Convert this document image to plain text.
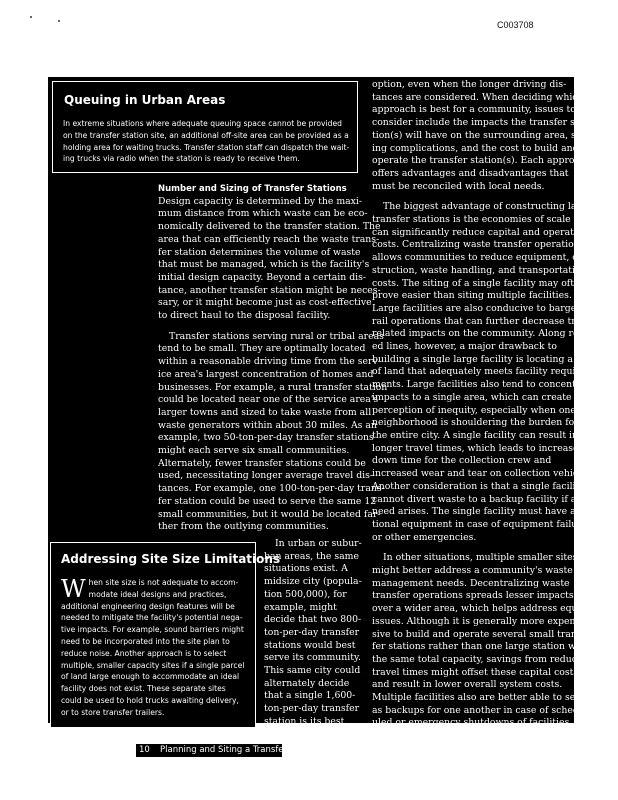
C003708
Queuing in Urban Areas

In extreme situations where adequate queuing space cannot be provided

on the transfer station site, an additional off-site area can be provided as a

holding area for waiting trucks. Transfer station staff can dispatch the wait-

ing trucks via radio when the station is ready to receive them.

Number and Sizing of Transfer Stations

Design capacity is determined by the maxi-

mum distance from which waste can be eco-

nomically delivered to the transfer station. The

area that can efficiently reach the waste trans-

fer station determines the volume of waste

that must be managed, which is the facility's

initial design capacity. Beyond a certain dis-

tance, another transfer station might be neces-

sary, or it might become just as cost-effective

to direct haul to the disposal facility.

Transfer stations serving rural or tribal areas

tend to be small. They are optimally located

within a reasonable driving time from the serv-

ice area's largest concentration of homes and

businesses. For example, a rural transfer station

could be located near one of the service area's

larger towns and sized to take waste from all

waste generators within about 30 miles. As an

example, two 50-ton-per-day transfer stations

might each serve six small communities.

Alternately, fewer transfer stations could be

used, necessitating longer average travel dis-

tances. For example, one 100-ton-per-day trans-

fer station could be used to serve the same 12

small communities, but it would be located far-

ther from the outlying communities.

In urban or subur-

ban areas, the same

situations exist. A

midsize city (popula-

tion 500,000), for

example, might

decide that two 800-

ton-per-day transfer

stations would best

serve its community.

This same city could

alternately decide

that a single 1,600-

ton-per-day transfer

station is its best

option, even when the longer driving dis-

tances are considered. When deciding which

approach is best for a community, issues to

consider include the impacts the transfer sta-

tion(s) will have on the surrounding area, sit-

ing complications, and the cost to build and

operate the transfer station(s). Each approach

offers advantages and disadvantages that

must be reconciled with local needs.

The biggest advantage of constructing large

transfer stations is the economies of scale that

can significantly reduce capital and operational

costs. Centralizing waste transfer operations

allows communities to reduce equipment, con-

struction, waste handling, and transportation

costs. The siting of a single facility may often

prove easier than siting multiple facilities.

Large facilities are also conducive to barge or

rail operations that can further decrease traffic-

related impacts on the community. Along relat-

ed lines, however, a major drawback to

building a single large facility is locating a tract

of land that adequately meets facility require-

ments. Large facilities also tend to concentrate

impacts to a single area, which can create the

perception of inequity, especially when one

neighborhood is shouldering the burden for

the entire city. A single facility can result in

longer travel times, which leads to increased

down time for the collection crew and

increased wear and tear on collection vehicles.

Another consideration is that a single facility

cannot divert waste to a backup facility if a

need arises. The single facility must have addi-

tional equipment in case of equipment failure

or other emergencies.

In other situations, multiple smaller sites

might better address a community's waste

management needs. Decentralizing waste

transfer operations spreads lesser impacts

over a wider area, which helps address equity

issues. Although it is generally more expen-

sive to build and operate several small trans-

fer stations rather than one large station with

the same total capacity, savings from reduced

travel times might offset these capital costs

and result in lower overall system costs.

Multiple facilities also are better able to serve

as backups for one another in case of sched-

uled or emergency shutdowns of facilities. The

Addressing Site Size Limitations
W hen site size is not adequate to accom-

modate ideal designs and practices,

additional engineering design features will be

needed to mitigate the facility's potential nega-

tive impacts. For example, sound barriers might

need to be incorporated into the site plan to

reduce noise. Another approach is to select

multiple, smaller capacity sites if a single parcel

of land large enough to accommodate an ideal

facility does not exist. These separate sites

could be used to hold trucks awaiting delivery,

or to store transfer trailers.

10 Planning and Siting a Transfer Station
